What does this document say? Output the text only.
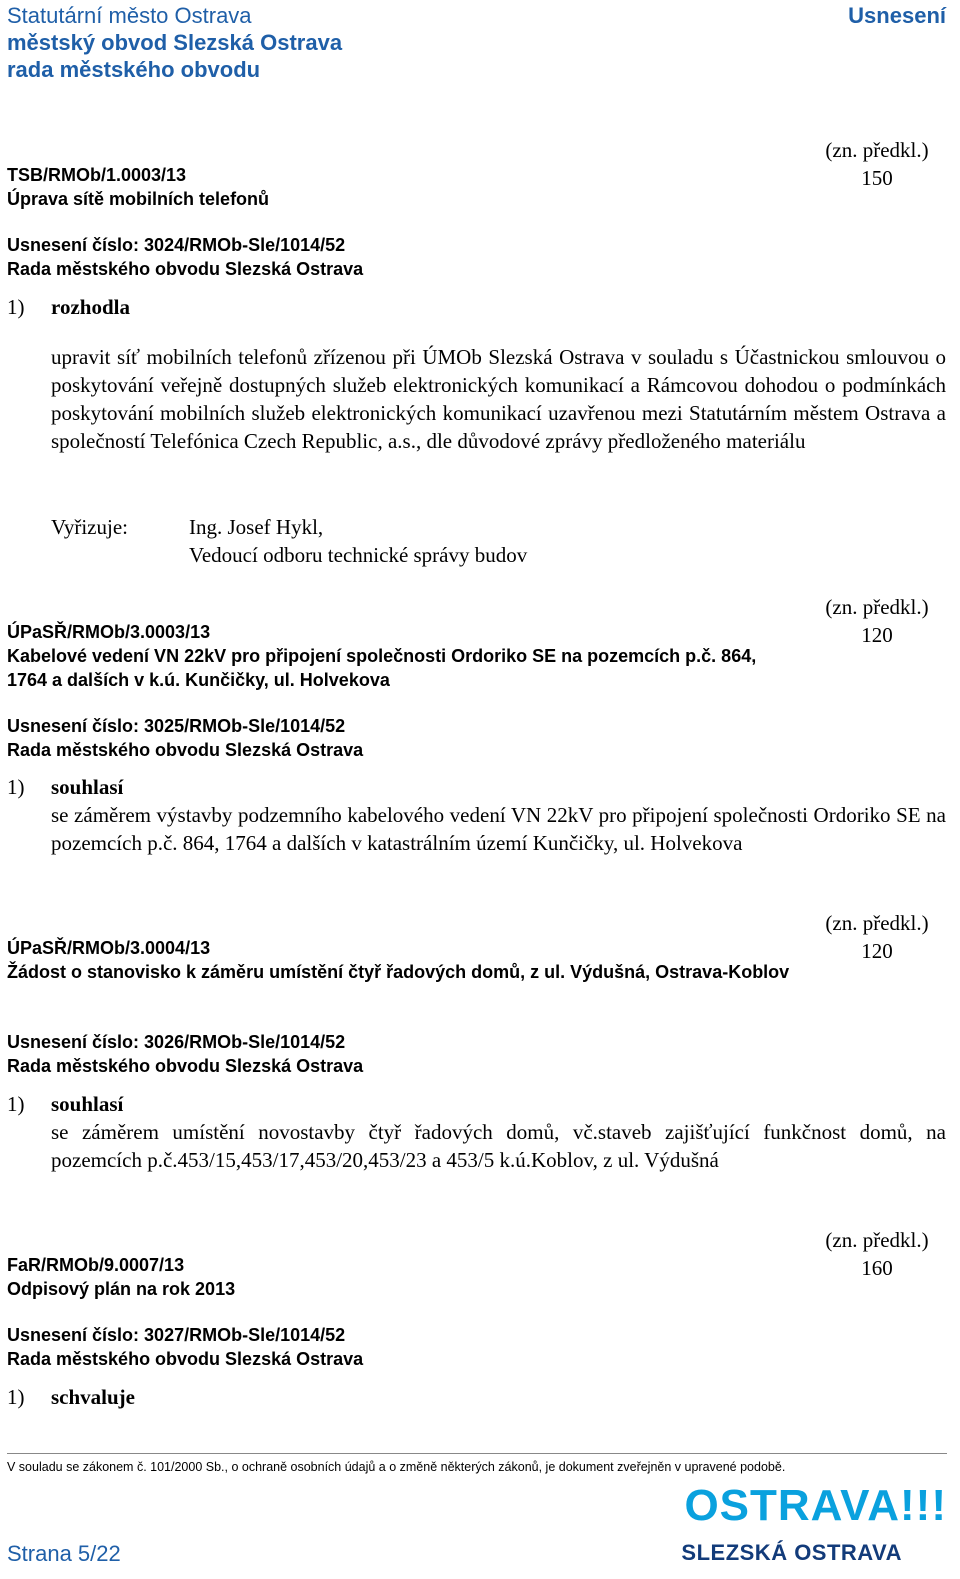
Statutární město Ostrava
městský obvod Slezská Ostrava
rada městského obvodu
Usnesení
(zn. předkl.)
150
TSB/RMOb/1.0003/13
Úprava sítě mobilních telefonů
Usnesení číslo: 3024/RMOb-Sle/1014/52
Rada městského obvodu Slezská Ostrava
1) rozhodla
upravit síť mobilních telefonů zřízenou při ÚMOb Slezská Ostrava v souladu s Účastnickou smlouvou o poskytování veřejně dostupných služeb elektronických komunikací a Rámcovou dohodou o podmínkách poskytování mobilních služeb elektronických komunikací uzavřenou mezi Statutárním městem Ostrava a společností Telefónica Czech Republic, a.s., dle důvodové zprávy předloženého materiálu
Vyřizuje:	Ing. Josef Hykl,
Vedoucí odboru technické správy budov
(zn. předkl.)
120
ÚPaSŘ/RMOb/3.0003/13
Kabelové vedení VN 22kV pro připojení společnosti Ordoriko SE na pozemcích p.č. 864, 1764 a dalších v k.ú. Kunčičky, ul. Holvekova
Usnesení číslo: 3025/RMOb-Sle/1014/52
Rada městského obvodu Slezská Ostrava
1) souhlasí
se záměrem výstavby podzemního kabelového vedení VN 22kV pro připojení společnosti Ordoriko SE na pozemcích p.č. 864, 1764 a dalších v katastrálním území Kunčičky, ul. Holvekova
(zn. předkl.)
120
ÚPaSŘ/RMOb/3.0004/13
Žádost o stanovisko k záměru umístění čtyř řadových domů, z ul. Výdušná, Ostrava-Koblov
Usnesení číslo: 3026/RMOb-Sle/1014/52
Rada městského obvodu Slezská Ostrava
1) souhlasí
se záměrem umístění novostavby čtyř řadových domů, vč.staveb zajišťující funkčnost domů, na pozemcích p.č.453/15,453/17,453/20,453/23 a 453/5 k.ú.Koblov, z ul. Výdušná
(zn. předkl.)
160
FaR/RMOb/9.0007/13
Odpisový plán na rok 2013
Usnesení číslo: 3027/RMOb-Sle/1014/52
Rada městského obvodu Slezská Ostrava
1) schvaluje
V souladu se zákonem č. 101/2000 Sb., o ochraně osobních údajů a o změně některých zákonů, je dokument zveřejněn v upravené podobě.
Strana 5/22
OSTRAVA!!!
SLEZSKÁ OSTRAVA
